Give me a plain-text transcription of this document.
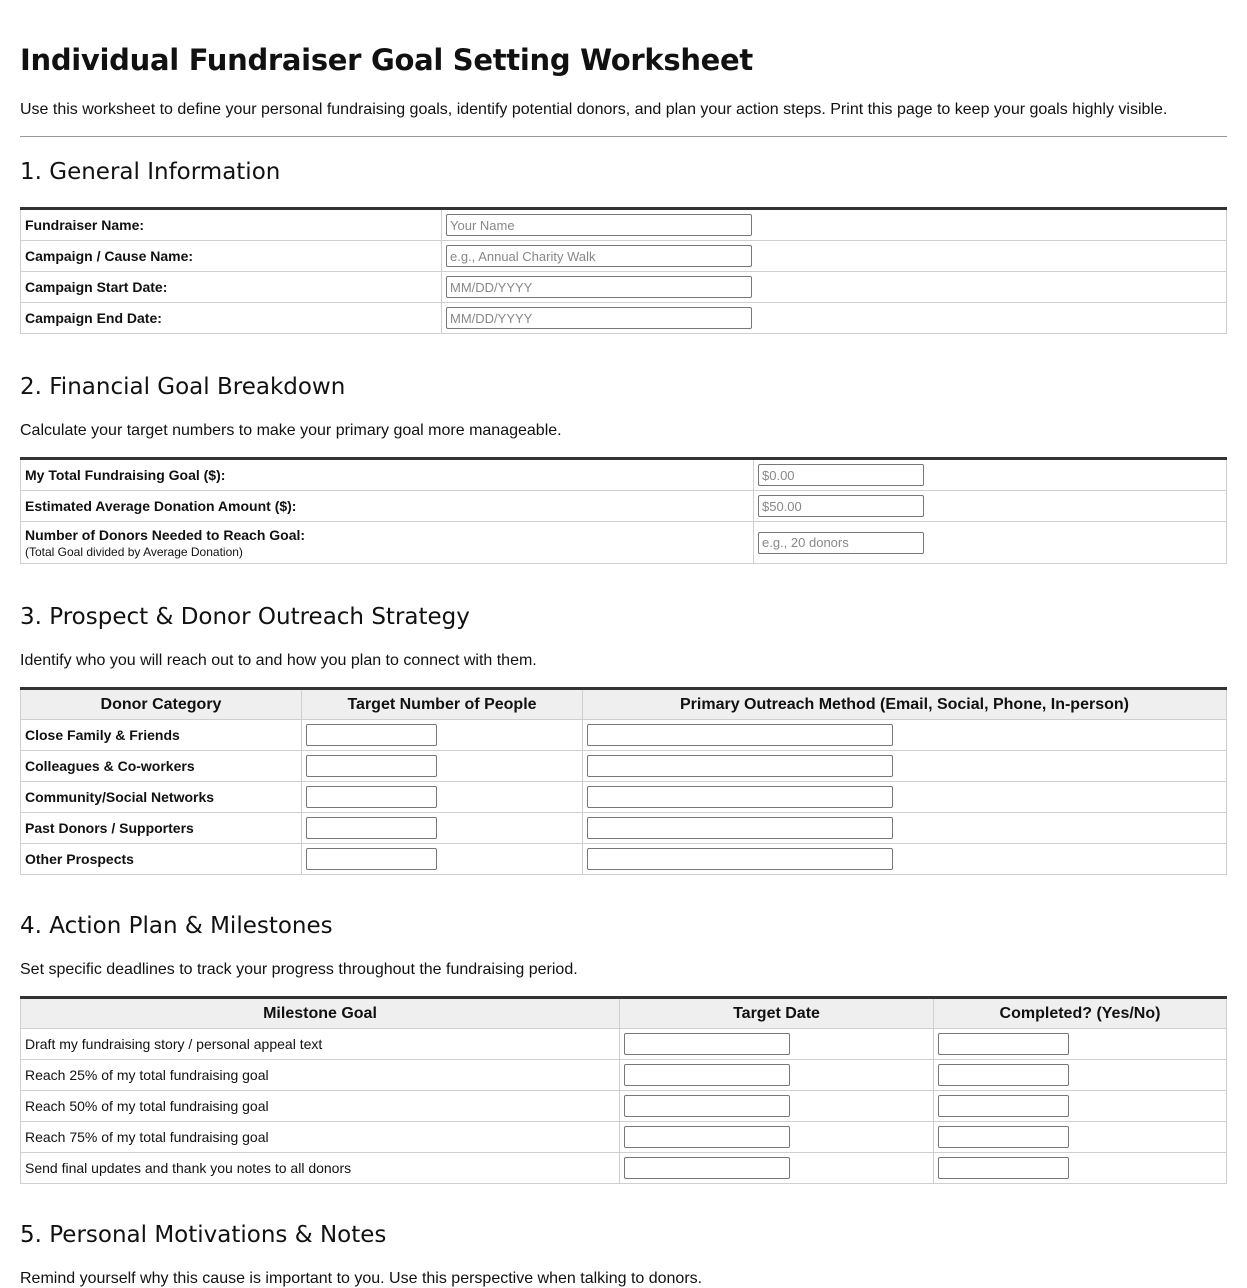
Individual Fundraiser Goal Setting Worksheet

Use this worksheet to define your personal fundraising goals, identify potential donors, and plan your action steps. Print this page to keep your goals highly visible.

1. General Information
Fundraiser Name:	
Your Name
Campaign / Cause Name:	
e.g., Annual Charity Walk
Campaign Start Date:	
MM/DD/YYYY
Campaign End Date:	
MM/DD/YYYY
2. Financial Goal Breakdown

Calculate your target numbers to make your primary goal more manageable.

My Total Fundraising Goal ($):	
$0.00
Estimated Average Donation Amount ($):	
$50.00
Number of Donors Needed to Reach Goal:
(Total Goal divided by Average Donation)

e.g., 20 donors
3. Prospect & Donor Outreach Strategy

Identify who you will reach out to and how you plan to connect with them.

Donor Category	Target Number of People	Primary Outreach Method (Email, Social, Phone, In-person)
Close Family & Friends	

Colleagues & Co-workers	

Community/Social Networks	

Past Donors / Supporters	

Other Prospects	

4. Action Plan & Milestones

Set specific deadlines to track your progress throughout the fundraising period.

Milestone Goal	Target Date	Completed? (Yes/No)
Draft my fundraising story / personal appeal text	

Reach 25% of my total fundraising goal	

Reach 50% of my total fundraising goal	

Reach 75% of my total fundraising goal	

Send final updates and thank you notes to all donors	

5. Personal Motivations & Notes

Remind yourself why this cause is important to you. Use this perspective when talking to donors.
